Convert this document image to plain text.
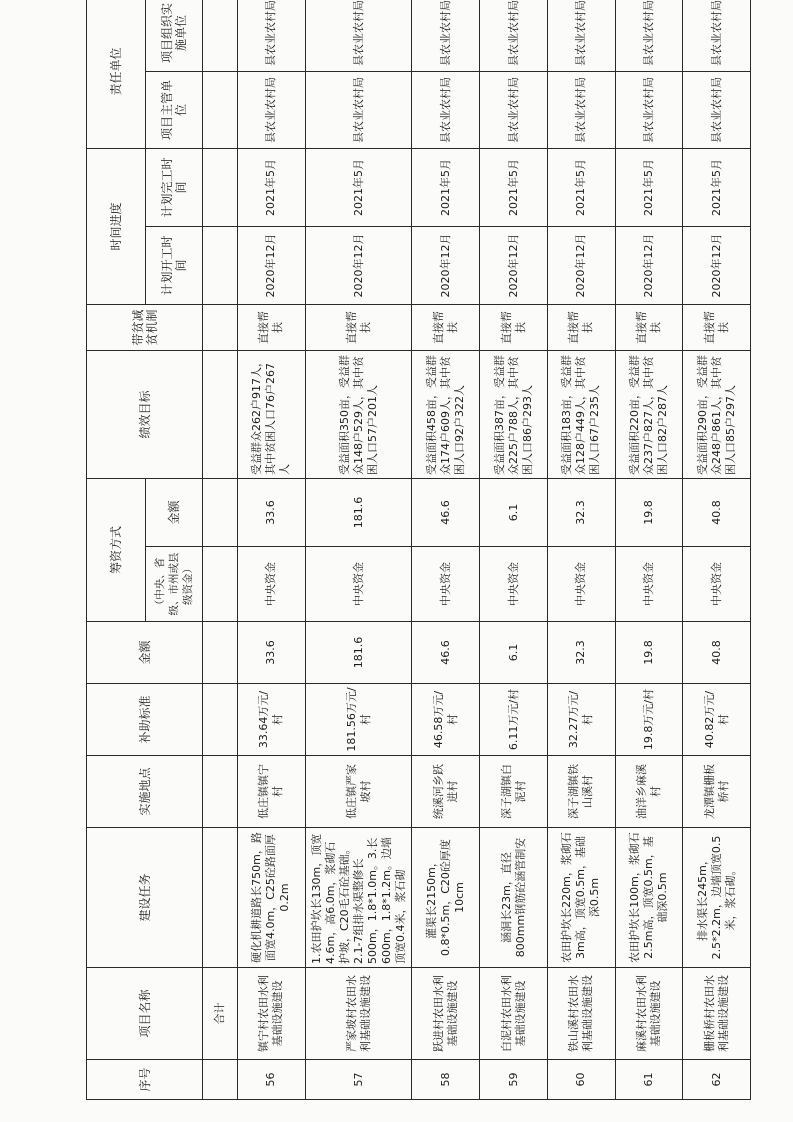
序号	项目名称	建设任务	实施地点	补助标准	金额	筹资方式		绩效目标	带贫减贫机制	时间进度		责任单位	
						（中央、省级、市州或县级资金）	金额			计划开工时间	计划完工时间	项目主管单位	项目组织实施单位
	合计												
56	镇宁村农田水利基础设施建设	硬化机耕道路长750m，路面宽4.0m，C25砼路面厚0.2m	低庄镇镇宁村	33.64万元/村	33.6	中央资金	33.6	受益群众262户917人，其中贫困人口76户267人	直接帮扶	2020年12月	2021年5月	县农业农村局	县农业农村局
57	严家坡村农田水利基础设施建设	1.农田护坎长130m，顶宽4.6m，高6.0m，浆砌石护坡，C20毛石砼基础。2.1-7组排水渠整修长500m，1.8*1.0m。3.长600m，1.8*1.2m。边墙顶宽0.4米，浆石砌	低庄镇严家坡村	181.56万元/村	181.6	中央资金	181.6	受益面积350亩，受益群众148户529人，其中贫困人口57户201人	直接帮扶	2020年12月	2021年5月	县农业农村局	县农业农村局
58	跃进村农田水利基础设施建设	灌渠长2150m，0.8*0.5m，C20砼厚度10cm	统溪河乡跃进村	46.58万元/村	46.6	中央资金	46.6	受益面积458亩，受益群众174户609人，其中贫困人口92户322人	直接帮扶	2020年12月	2021年5月	县农业农村局	县农业农村局
59	白泥村农田水利基础设施建设	涵洞长23m，直径800mm钢筋砼涵管制安	深子湖镇白泥村	6.11万元/村	6.1	中央资金	6.1	受益面积387亩，受益群众225户788人，其中贫困人口86户293人	直接帮扶	2020年12月	2021年5月	县农业农村局	县农业农村局
60	铁山溪村农田水利基础设施建设	农田护坎长220m，浆砌石3m高，顶宽0.5m，基础深0.5m	深子湖镇铁山溪村	32.27万元/村	32.3	中央资金	32.3	受益面积183亩，受益群众128户449人，其中贫困人口67户235人	直接帮扶	2020年12月	2021年5月	县农业农村局	县农业农村局
61	麻溪村农田水利基础设施建设	农田护坎长100m，浆砌石2.5m高，顶宽0.5m，基础深0.5m	油洋乡麻溪村	19.8万元/村	19.8	中央资金	19.8	受益面积220亩，受益群众237户827人，其中贫困人口82户287人	直接帮扶	2020年12月	2021年5月	县农业农村局	县农业农村局
62	栅板桥村农田水利基础设施建设	排水渠长245m，2.5*2.2m，边墙顶宽0.5米，浆石砌。	龙潭镇栅板桥村	40.82万元/村	40.8	中央资金	40.8	受益面积290亩，受益群众248户861人，其中贫困人口85户297人	直接帮扶	2020年12月	2021年5月	县农业农村局	县农业农村局
